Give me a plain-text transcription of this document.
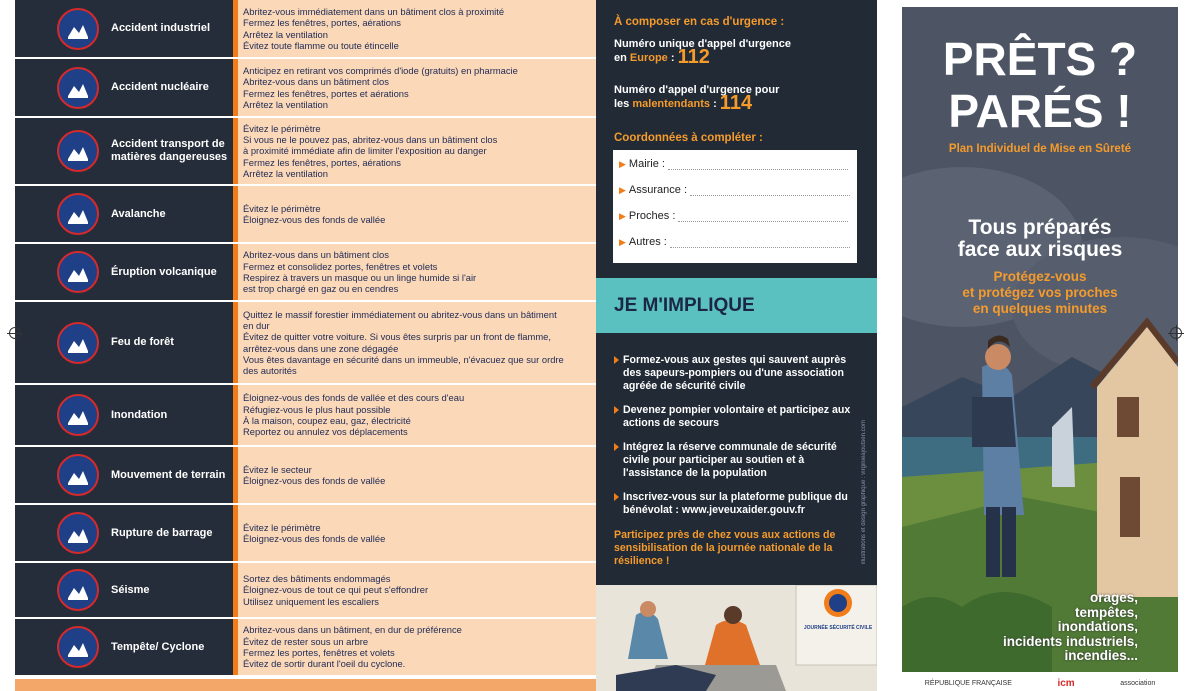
Accident industriel
Abritez-vous immédiatement dans un bâtiment clos à proximité
Fermez les fenêtres, portes, aérations
Arrêtez la ventilation
Évitez toute flamme ou toute étincelle
Accident nucléaire
Anticipez en retirant vos comprimés d'iode (gratuits) en pharmacie
Abritez-vous dans un bâtiment clos
Fermez les fenêtres, portes et aérations
Arrêtez la ventilation
Accident transport de matières dangereuses
Évitez le périmètre
Si vous ne le pouvez pas, abritez-vous dans un bâtiment clos
à proximité immédiate afin de limiter l'exposition au danger
Fermez les fenêtres, portes, aérations
Arrêtez la ventilation
Avalanche	Évitez le périmètre
Éloignez-vous des fonds de vallée
Éruption volcanique
Abritez-vous dans un bâtiment clos
Fermez et consolidez portes, fenêtres et volets
Respirez à travers un masque ou un linge humide si l'air
est trop chargé en gaz ou en cendres
Feu de forêt
Quittez le massif forestier immédiatement ou abritez-vous dans un bâtiment
en dur
Évitez de quitter votre voiture. Si vous êtes surpris par un front de flamme,
arrêtez-vous dans une zone dégagée
Vous êtes davantage en sécurité dans un immeuble, n'évacuez que sur ordre
des autorités
Inondation
Éloignez-vous des fonds de vallée et des cours d'eau
Réfugiez-vous le plus haut possible
À la maison, coupez eau, gaz, électricité
Reportez ou annulez vos déplacements
Mouvement de terrain Évitez le secteur
Éloignez-vous des fonds de vallée
Rupture de barrage	Évitez le périmètre
Éloignez-vous des fonds de vallée
Séisme
Sortez des bâtiments endommagés
Éloignez-vous de tout ce qui peut s'effondrer
Utilisez uniquement les escaliers
Tempête/ Cyclone
Abritez-vous dans un bâtiment, en dur de préférence
Évitez de rester sous un arbre
Fermez les portes, fenêtres et volets
Évitez de sortir durant l'oeil du cyclone.
À composer en cas d'urgence :
Numéro unique d'appel d'urgence
en Europe : 112
Numéro d'appel d'urgence pour
les malentendants : 114
Coordonnées à compléter :
▶ Mairie :
▶ Assurance :
▶ Proches :
▶ Autres :
JE M'IMPLIQUE
Formez-vous aux gestes qui sauvent auprès des sapeurs-pompiers ou d'une association agréée de sécurité civile
Devenez pompier volontaire et participez aux actions de secours
Intégrez la réserve communale de sécurité civile pour participer au soutien et à l'assistance de la population
Inscrivez-vous sur la plateforme publique du bénévolat : www.jeveuxaider.gouv.fr
Participez près de chez vous aux actions de sensibilisation de la journée nationale de la résilience !	illustrations et design graphique : virginieajoutsen.com
JOURNÉE SÉCURITÉ CIVILE
PRÊTS ?
PARÉS !
Plan Individuel de Mise en Sûreté
Tous préparés
face aux risques
Protégez-vous
et protégez vos proches
en quelques minutes
orages,
tempêtes,
inondations,
incidents industriels,
incendies...
RÉPUBLIQUE FRANÇAISE	icm	association
